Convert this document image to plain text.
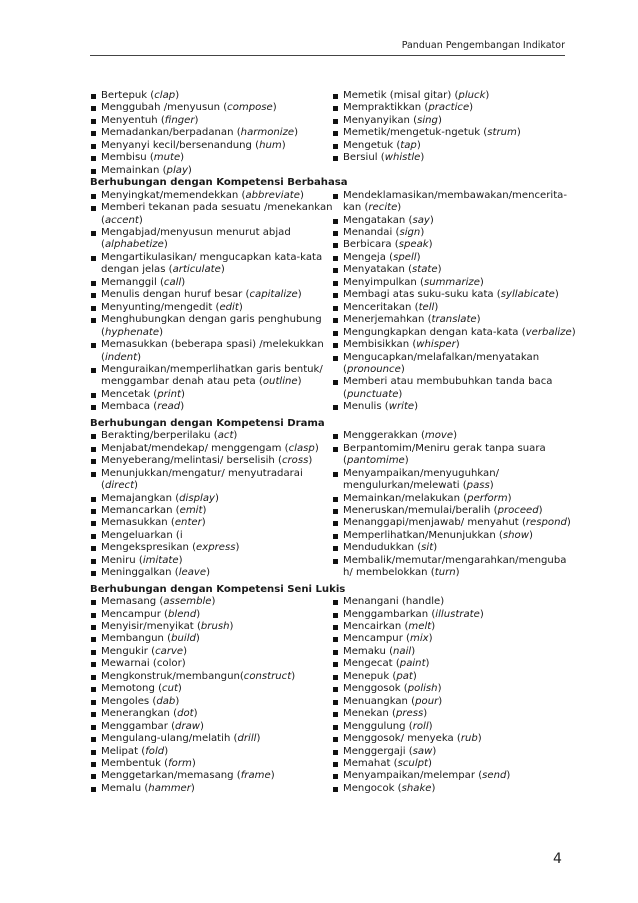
Panduan Pengembangan Indikator
Bertepuk (clap)
Menggubah /menyusun (compose)
Menyentuh (finger)
Memadankan/berpadanan (harmonize)
Menyanyi kecil/bersenandung (hum)
Membisu (mute)
Memainkan (play)
Berhubungan dengan Kompetensi Berbahasa
Menyingkat/memendekkan (abbreviate)
Memberi tekanan pada sesuatu /menekankan
(accent)
Mengabjad/menyusun menurut abjad
(alphabetize)
Mengartikulasikan/ mengucapkan kata-kata
dengan jelas (articulate)
Memanggil (call)
Menulis dengan huruf besar (capitalize)
Menyunting/mengedit (edit)
Menghubungkan dengan garis penghubung
(hyphenate)
Memasukkan (beberapa spasi) /melekukkan
(indent)
Menguraikan/memperlihatkan garis bentuk/
menggambar denah atau peta (outline)
Mencetak (print)
Membaca (read)
Berhubungan dengan Kompetensi Drama
Berakting/berperilaku (act)
Menjabat/mendekap/ menggengam (clasp)
Menyeberang/melintasi/ berselisih (cross)
Menunjukkan/mengatur/ menyutradarai
(direct)
Memajangkan (display)
Memancarkan (emit)
Memasukkan (enter)
Mengeluarkan (i
Mengekspresikan (express)
Meniru (imitate)
Meninggalkan (leave)
Berhubungan dengan Kompetensi Seni Lukis
Memasang (assemble)
Mencampur (blend)
Menyisir/menyikat (brush)
Membangun (build)
Mengukir (carve)
Mewarnai (color)
Mengkonstruk/membangun(construct)
Memotong (cut)
Mengoles (dab)
Menerangkan (dot)
Menggambar (draw)
Mengulang-ulang/melatih (drill)
Melipat (fold)
Membentuk (form)
Menggetarkan/memasang (frame)
Memalu (hammer)
Memetik (misal gitar) (pluck)
Mempraktikkan (practice)
Menyanyikan (sing)
Memetik/mengetuk-ngetuk (strum)
Mengetuk (tap)
Bersiul (whistle)

Mendeklamasikan/membawakan/mencerita-
kan (recite)
Mengatakan (say)
Menandai (sign)
Berbicara (speak)
Mengeja (spell)
Menyatakan (state)
Menyimpulkan (summarize)
Membagi atas suku-suku kata (syllabicate)
Menceritakan (tell)
Menerjemahkan (translate)
Mengungkapkan dengan kata-kata (verbalize)
Membisikkan (whisper)
Mengucapkan/melafalkan/menyatakan
(pronounce)
Memberi atau membubuhkan tanda baca
(punctuate)
Menulis (write)

Menggerakkan (move)
Berpantomim/Meniru gerak tanpa suara
(pantomime)
Menyampaikan/menyuguhkan/
mengulurkan/melewati (pass)
Memainkan/melakukan (perform)
Meneruskan/memulai/beralih (proceed)
Menanggapi/menjawab/ menyahut (respond)
Memperlihatkan/Menunjukkan (show)
Mendudukkan (sit)
Membalik/memutar/mengarahkan/menguba
h/ membelokkan (turn)

Menangani (handle)
Menggambarkan (illustrate)
Mencairkan (melt)
Mencampur (mix)
Memaku (nail)
Mengecat (paint)
Menepuk (pat)
Menggosok (polish)
Menuangkan (pour)
Menekan (press)
Menggulung (roll)
Menggosok/ menyeka (rub)
Menggergaji (saw)
Memahat (sculpt)
Menyampaikan/melempar (send)
Mengocok (shake)
4
